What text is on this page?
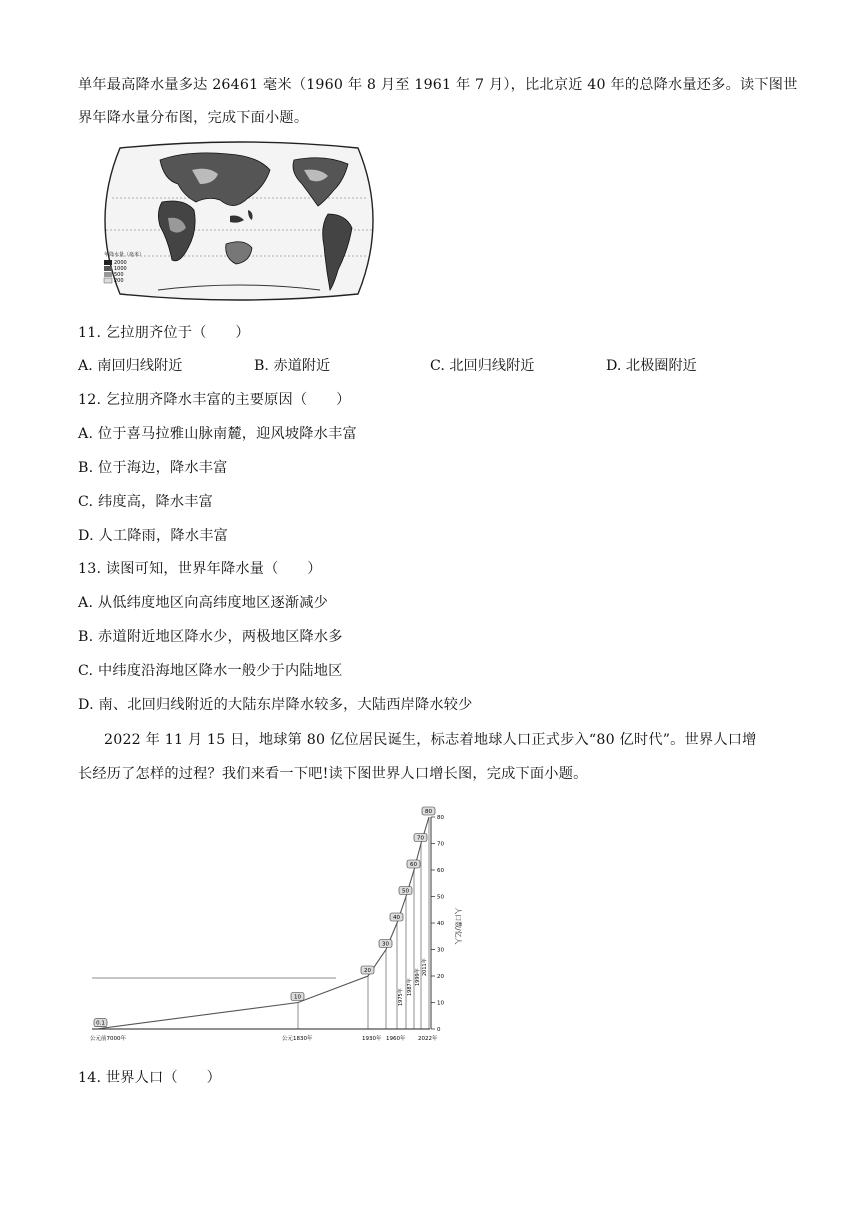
单年最高降水量多达 26461 毫米（1960 年 8 月至 1961 年 7 月），比北京近 40 年的总降水量还多。读下图世
界年降水量分布图，完成下面小题。
年降水量（毫米）
2000
1000
500
200
11. 乞拉朋齐位于（　　）
A. 南回归线附近	B. 赤道附近	C. 北回归线附近	D. 北极圈附近
12. 乞拉朋齐降水丰富的主要原因（　　）
A. 位于喜马拉雅山脉南麓，迎风坡降水丰富
B. 位于海边，降水丰富
C. 纬度高，降水丰富
D. 人工降雨，降水丰富
13. 读图可知，世界年降水量（　　）
A. 从低纬度地区向高纬度地区逐渐减少
B. 赤道附近地区降水少，两极地区降水多
C. 中纬度沿海地区降水一般少于内陆地区
D. 南、北回归线附近的大陆东岸降水较多，大陆西岸降水较少
2022 年 11 月 15 日，地球第 80 亿位居民诞生，标志着地球人口正式步入“80 亿时代”。世界人口增
长经历了怎样的过程？我们来看一下吧!读下图世界人口增长图，完成下面小题。
0
10
20
30
40
50
60
70
80
人口数/亿人
0.1
10
20
30
40
50
60
70
80
公元前7000年	公元1830年	1930年 1960年 2022年
1975年
1987年
1999年
2011年
14. 世界人口（　　）
